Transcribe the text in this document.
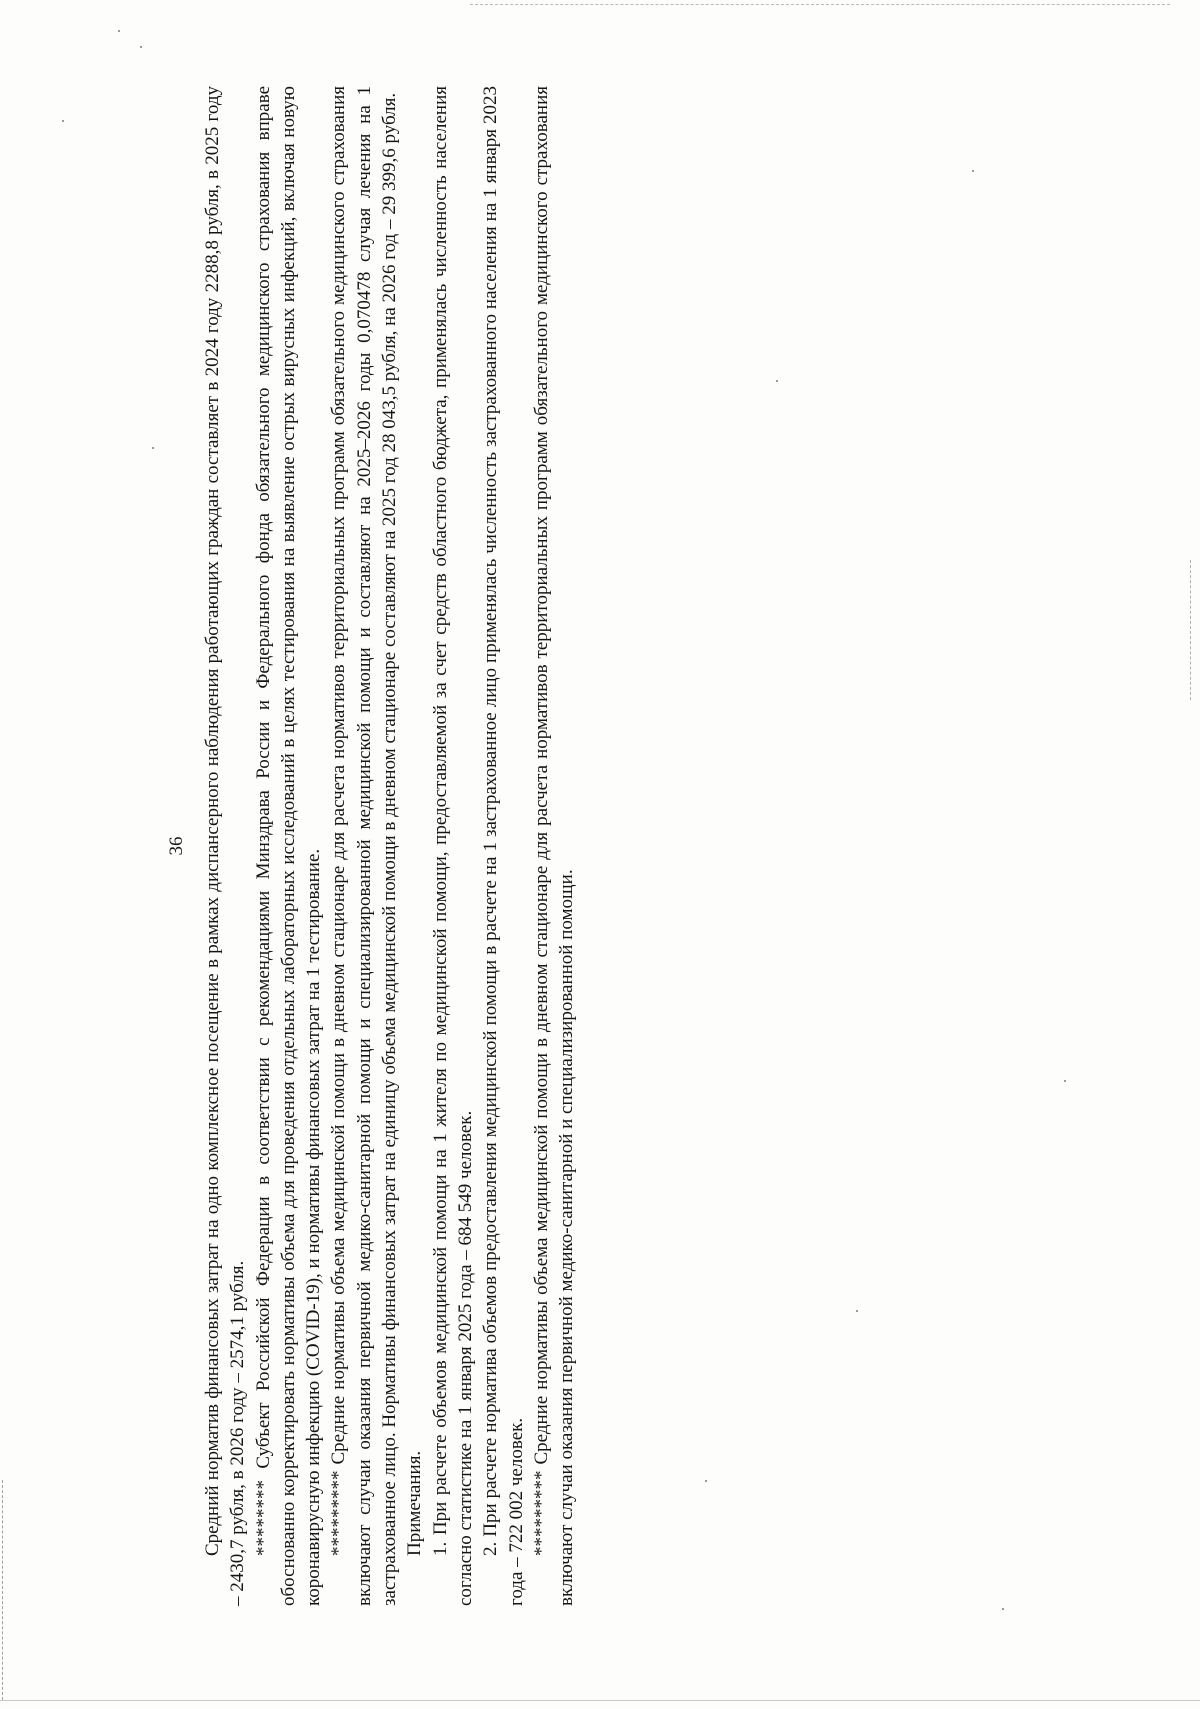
36 Средний норматив финансовых затрат на одно комплексное посещение в рамках диспансерного наблюдения работающих граждан составляет в 2024 году 2288,8 рубля, в 2025 году – 2430,7 рубля, в 2026 году – 2574,1 рубля. ******** Субъект Российской Федерации в соответствии с рекомендациями Минздрава России и Федерального фонда обязательного медицинского страхования вправе обоснованно корректировать нормативы объема для проведения отдельных лабораторных исследований в целях тестирования на выявление острых вирусных инфекций, включая новую коронавирусную инфекцию (COVID-19), и нормативы финансовых затрат на 1 тестирование. ********* Средние нормативы объема медицинской помощи в дневном стационаре для расчета нормативов территориальных программ обязательного медицинского страхования включают случаи оказания первичной медико-санитарной помощи и специализированной медицинской помощи и составляют на 2025–2026 годы 0,070478 случая лечения на 1 застрахованное лицо. Нормативы финансовых затрат на единицу объема медицинской помощи в дневном стационаре составляют на 2025 год 28 043,5 рубля, на 2026 год – 29 399,6 рубля. Примечания. 1. При расчете объемов медицинской помощи на 1 жителя по медицинской помощи, предоставляемой за счет средств областного бюджета, применялась численность населения согласно статистике на 1 января 2025 года – 684 549 человек. 2. При расчете норматива объемов предоставления медицинской помощи в расчете на 1 застрахованное лицо применялась численность застрахованного населения на 1 января 2023 года – 722 002 человек. ********* Средние нормативы объема медицинской помощи в дневном стационаре для расчета нормативов территориальных программ обязательного медицинского страхования включают случаи оказания первичной медико-санитарной и специализированной помощи.
